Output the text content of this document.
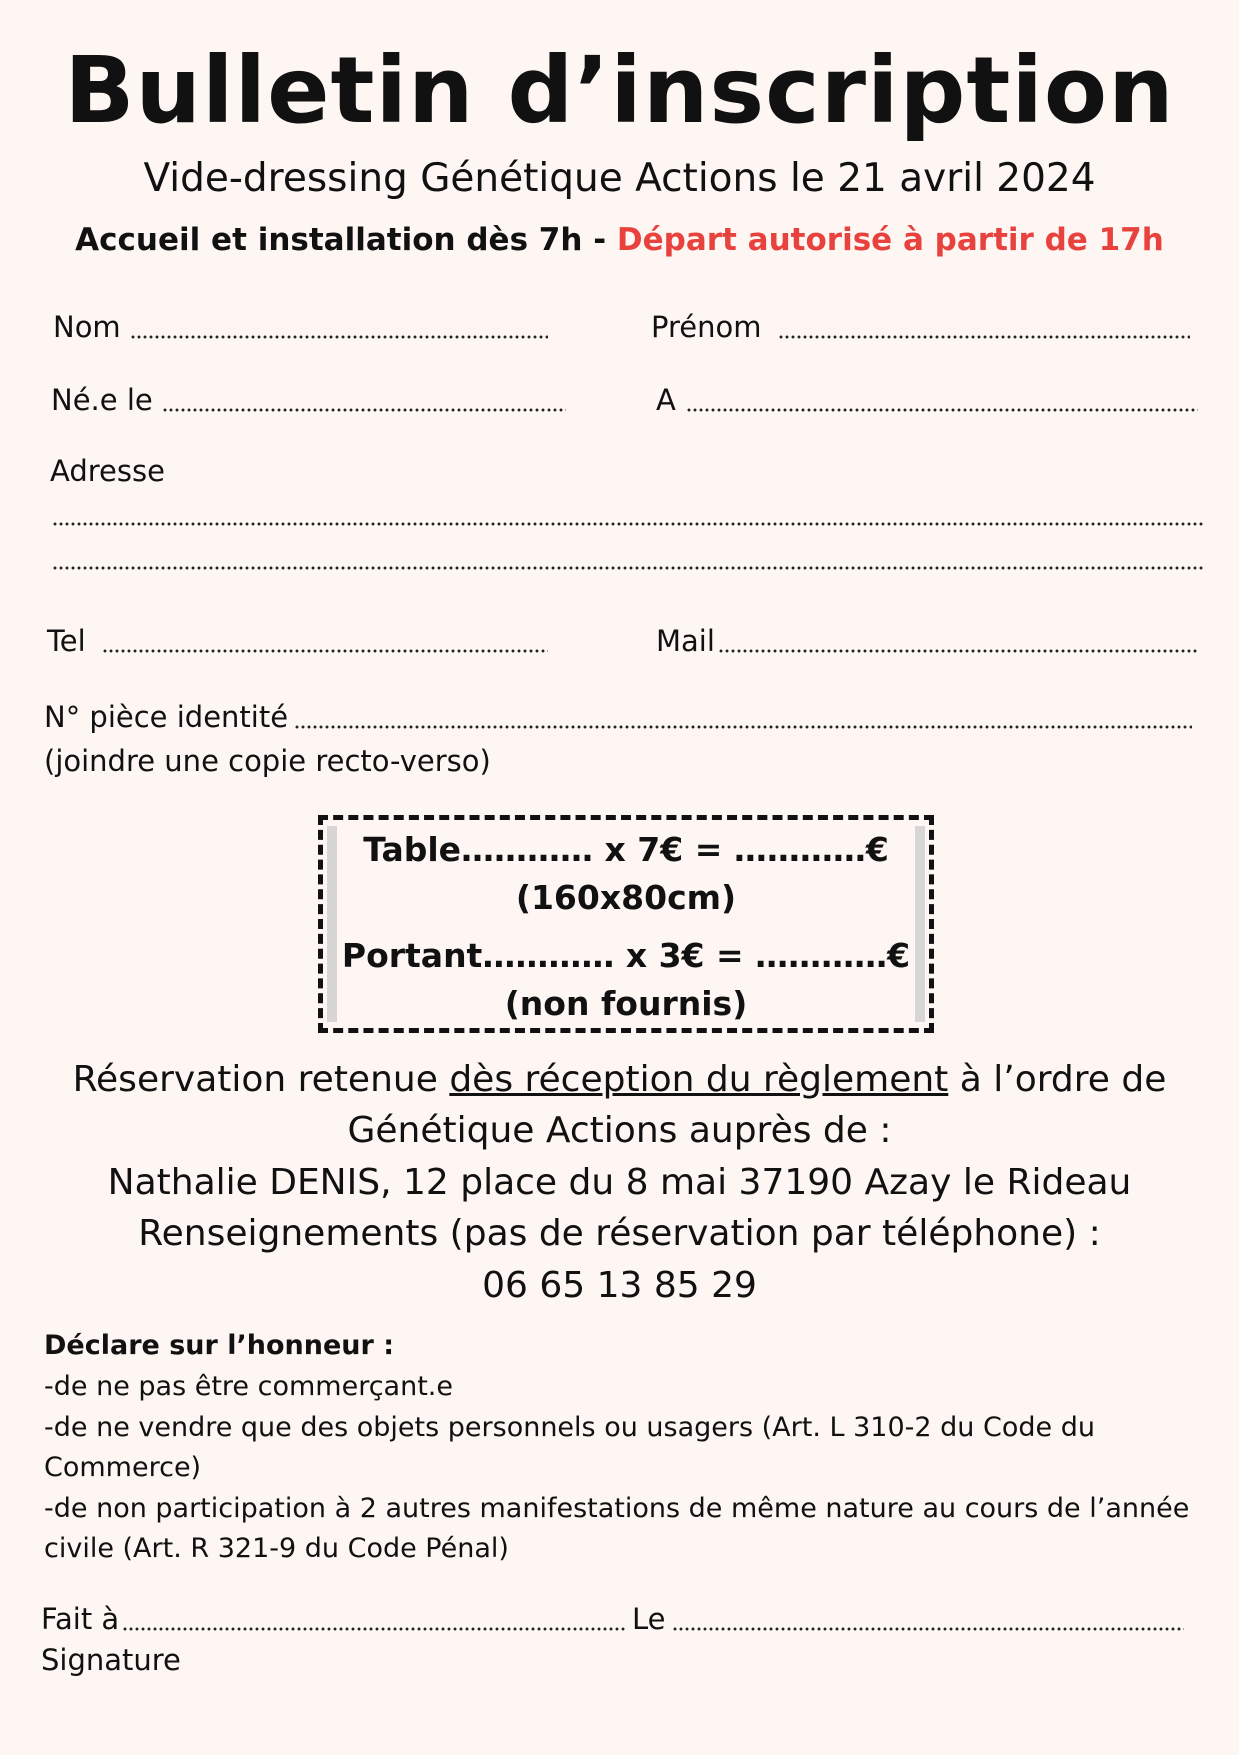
Bulletin d’inscription
Vide-dressing Génétique Actions le 21 avril 2024
Accueil et installation dès 7h - Départ autorisé à partir de 17h
Nom	Prénom
Né.e le	A
Adresse
Tel	Mail
N° pièce identité
(joindre une copie recto-verso)
Table………… x 7€ = …………€
(160x80cm)
Portant………… x 3€ = …………€
(non fournis)
Réservation retenue dès réception du règlement à l’ordre de
Génétique Actions auprès de :
Nathalie DENIS, 12 place du 8 mai 37190 Azay le Rideau
Renseignements (pas de réservation par téléphone) :
06 65 13 85 29
Déclare sur l’honneur :
-de ne pas être commerçant.e
-de ne vendre que des objets personnels ou usagers (Art. L 310-2 du Code du
Commerce)
-de non participation à 2 autres manifestations de même nature au cours de l’année
civile (Art. R 321-9 du Code Pénal)
Fait à	Le
Signature
